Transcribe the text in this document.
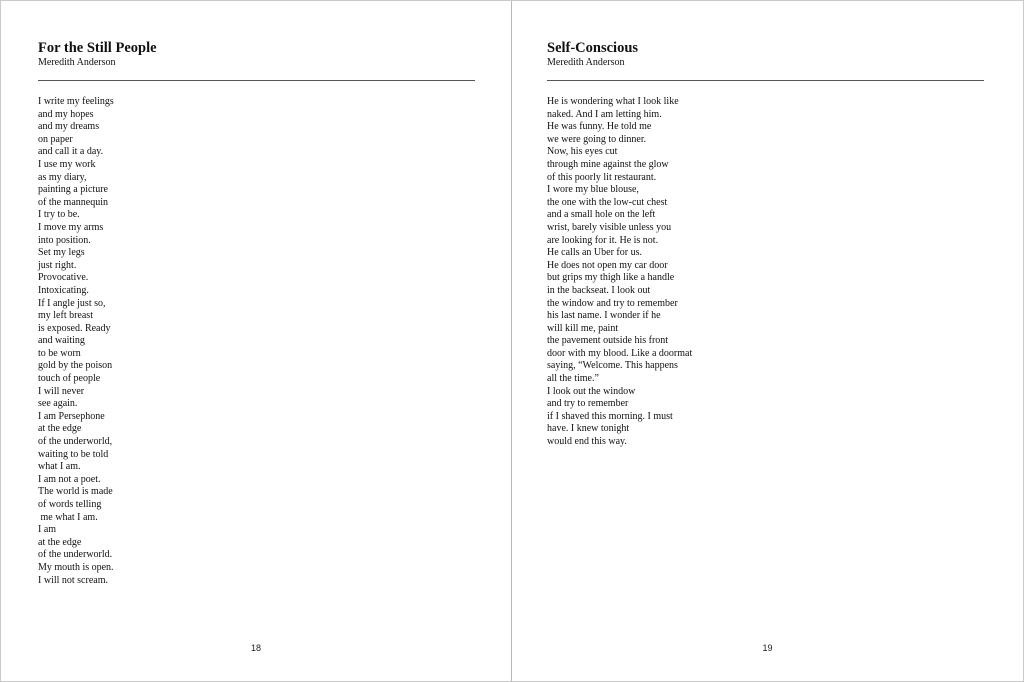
For the Still People
Meredith Anderson
I write my feelings
and my hopes
and my dreams
on paper
and call it a day.
I use my work
as my diary,
painting a picture
of the mannequin
I try to be.
I move my arms
into position.
Set my legs
just right.
Provocative.
Intoxicating.
If I angle just so,
my left breast
is exposed. Ready
and waiting
to be worn
gold by the poison
touch of people
I will never
see again.
I am Persephone
at the edge
of the underworld,
waiting to be told
what I am.
I am not a poet.
The world is made
of words telling
me what I am.
I am
at the edge
of the underworld.
My mouth is open.
I will not scream.
18
Self-Conscious
Meredith Anderson
He is wondering what I look like
naked. And I am letting him.
He was funny. He told me
we were going to dinner.
Now, his eyes cut
through mine against the glow
of this poorly lit restaurant.
I wore my blue blouse,
the one with the low-cut chest
and a small hole on the left
wrist, barely visible unless you
are looking for it. He is not.
He calls an Uber for us.
He does not open my car door
but grips my thigh like a handle
in the backseat. I look out
the window and try to remember
his last name. I wonder if he
will kill me, paint
the pavement outside his front
door with my blood. Like a doormat
saying, “Welcome. This happens
all the time.”
I look out the window
and try to remember
if I shaved this morning. I must
have. I knew tonight
would end this way.
19
